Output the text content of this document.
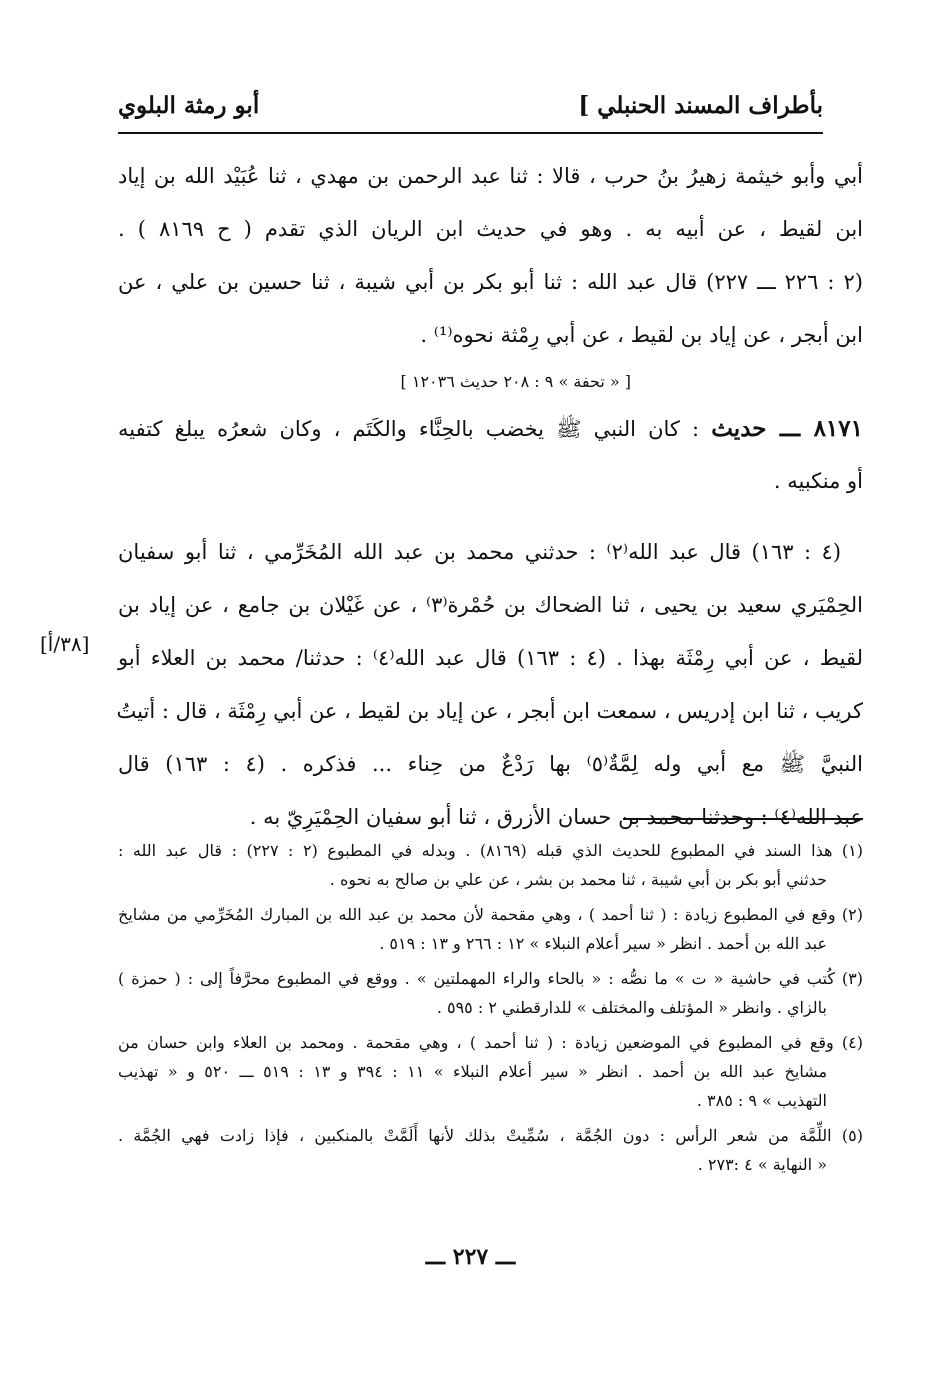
بأطراف المسند الحنبلي ]
أبو رمثة البلوي
أبي وأبو خيثمة زهيرُ بنُ حرب ، قالا : ثنا عبد الرحمن بن مهدي ، ثنا عُبَيْد الله بن إياد
ابن لقيط ، عن أبيه به . وهو في حديث ابن الريان الذي تقدم ( ح ٨١٦٩ ) .
(٢ : ٢٢٦ ـــ ٢٢٧) قال عبد الله : ثنا أبو بكر بن أبي شيبة ، ثنا حسين بن علي ، عن
ابن أبجر ، عن إياد بن لقيط ، عن أبي رِمْثة نحوه⁽¹⁾ .
[ « تحفة » ٩ : ٢٠٨ حديث ١٢٠٣٦ ]
٨١٧١ ـــ حديث : كان النبي ﷺ يخضب بالحِنَّاء والكَتَم ، وكان شعرُه يبلغ كتفيه
أو منكبيه .
(٤ : ١٦٣) قال عبد الله⁽٢⁾ : حدثني محمد بن عبد الله المُخَرِّمي ، ثنا أبو سفيان
الحِمْيَري سعيد بن يحيى ، ثنا الضحاك بن حُمْرة⁽٣⁾ ، عن غَيْلان بن جامع ، عن إياد بن
[٣٨/أ]
لقيط ، عن أبي رِمْثَة بهذا . (٤ : ١٦٣) قال عبد الله⁽٤⁾ : حدثنا/ محمد بن العلاء أبو
كريب ، ثنا ابن إدريس ، سمعت ابن أبجر ، عن إياد بن لقيط ، عن أبي رِمْثَة ، قال : أتيتُ
النبيَّ ﷺ مع أبي وله لِمَّةٌ⁽٥⁾ بها رَدْعٌ من حِناء ... فذكره . (٤ : ١٦٣) قال
عبد الله⁽٤⁾ : وحدثنا محمد بن حسان الأزرق ، ثنا أبو سفيان الحِمْيَرِيّ به .
(١) هذا السند في المطبوع للحديث الذي قبله (٨١٦٩) . وبدله في المطبوع (٢ : ٢٢٧) : قال عبد الله :
حدثني أبو بكر بن أبي شيبة ، ثنا محمد بن بشر ، عن علي بن صالح به نحوه .
(٢) وقع في المطبوع زيادة : ( ثنا أحمد ) ، وهي مقحمة لأن محمد بن عبد الله بن المبارك المُخَرِّمي من مشايخ
عبد الله بن أحمد . انظر « سير أعلام النبلاء » ١٢ : ٢٦٦ و ١٣ : ٥١٩ .
(٣) كُتب في حاشية « ت » ما نصُّه : « بالحاء والراء المهملتين » . ووقع في المطبوع محرَّفاً إلى : ( حمزة )
بالزاي . وانظر « المؤتلف والمختلف » للدارقطني ٢ : ٥٩٥ .
(٤) وقع في المطبوع في الموضعين زيادة : ( ثنا أحمد ) ، وهي مقحمة . ومحمد بن العلاء وابن حسان من
مشايخ عبد الله بن أحمد . انظر « سير أعلام النبلاء » ١١ : ٣٩٤ و ١٣ : ٥١٩ ـــ ٥٢٠ و « تهذيب
التهذيب » ٩ : ٣٨٥ .
(٥) اللِّمَّة من شعر الرأس : دون الجُمَّة ، سُمِّيتْ بذلك لأنها أَلَمَّتْ بالمنكبين ، فإذا زادت فهي الجُمَّة .
« النهاية » ٤ :٢٧٣ .
ـــ ٢٢٧ ـــ
